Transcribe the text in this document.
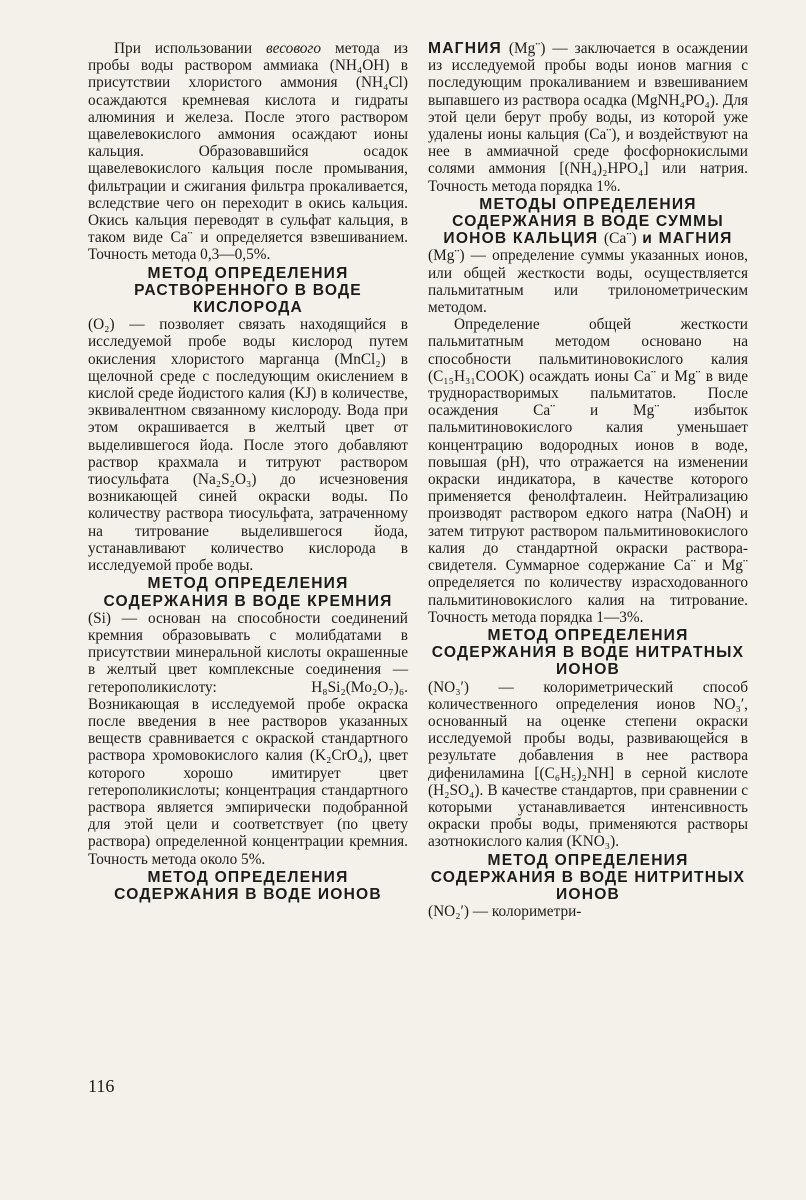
При использовании весового метода из пробы воды раствором аммиака (NH₄OH) в присутствии хлористого аммония (NH₄Cl) осаждаются кремневая кислота и гидраты алюминия и железа. После этого раствором щавелевокислого аммония осаждают ионы кальция. Образовавшийся осадок щавелевокислого кальция после промывания, фильтрации и сжигания фильтра прокаливается, вследствие чего он переходит в окись кальция. Окись кальция переводят в сульфат кальция, в таком виде Ca¨ и определяется взвешиванием. Точность метода 0,3—0,5%.

МЕТОД ОПРЕДЕЛЕНИЯ РАСТВОРЕННОГО В ВОДЕ КИСЛОРОДА

(O₂) — позволяет связать находящийся в исследуемой пробе воды кислород путем окисления хлористого марганца (MnCl₂) в щелочной среде с последующим окислением в кислой среде йодистого калия (KJ) в количестве, эквивалентном связанному кислороду. Вода при этом окрашивается в желтый цвет от выделившегося йода. После этого добавляют раствор крахмала и титруют раствором тиосульфата (Na₂S₂O₃) до исчезновения возникающей синей окраски воды. По количеству раствора тиосульфата, затраченному на титрование выделившегося йода, устанавливают количество кислорода в исследуемой пробе воды.

МЕТОД ОПРЕДЕЛЕНИЯ СОДЕРЖАНИЯ В ВОДЕ КРЕМНИЯ

(Si) — основан на способности соединений кремния образовывать с молибдатами в присутствии минеральной кислоты окрашенные в желтый цвет комплексные соединения — гетерополикислоту: H₈Si₂(Mo₂O₇)₆. Возникающая в исследуемой пробе окраска после введения в нее растворов указанных веществ сравнивается с окраской стандартного раствора хромовокислого калия (K₂CrO₄), цвет которого хорошо имитирует цвет гетерополикислоты; концентрация стандартного раствора является эмпирически подобранной для этой цели и соответствует (по цвету раствора) определенной концентрации кремния. Точность метода около 5%.

МЕТОД ОПРЕДЕЛЕНИЯ СОДЕРЖАНИЯ В ВОДЕ ИОНОВ

МАГНИЯ (Mg¨) — заключается в осаждении из исследуемой пробы воды ионов магния с последующим прокаливанием и взвешиванием выпавшего из раствора осадка (MgNH₄PO₄). Для этой цели берут пробу воды, из которой уже удалены ионы кальция (Ca¨), и воздействуют на нее в аммиачной среде фосфорнокислыми солями аммония [(NH₄)₂HPO₄] или натрия. Точность метода порядка 1%.

МЕТОДЫ ОПРЕДЕЛЕНИЯ СОДЕРЖАНИЯ В ВОДЕ СУММЫ ИОНОВ КАЛЬЦИЯ (Ca¨) и МАГНИЯ

(Mg¨) — определение суммы указанных ионов, или общей жесткости воды, осуществляется пальмитатным или трилонометрическим методом.

Определение общей жесткости пальмитатным методом основано на способности пальмитиновокислого калия (C₁₅H₃₁COOK) осаждать ионы Ca¨ и Mg¨ в виде труднорастворимых пальмитатов. После осаждения Ca¨ и Mg¨ избыток пальмитиновокислого калия уменьшает концентрацию водородных ионов в воде, повышая (pH), что отражается на изменении окраски индикатора, в качестве которого применяется фенолфталеин. Нейтрализацию производят раствором едкого натра (NaOH) и затем титруют раствором пальмитиновокислого калия до стандартной окраски раствора-свидетеля. Суммарное содержание Ca¨ и Mg¨ определяется по количеству израсходованного пальмитиновокислого калия на титрование. Точность метода порядка 1—3%.

МЕТОД ОПРЕДЕЛЕНИЯ СОДЕРЖАНИЯ В ВОДЕ НИТРАТНЫХ ИОНОВ

(NO₃′) — колориметрический способ количественного определения ионов NO₃′, основанный на оценке степени окраски исследуемой пробы воды, развивающейся в результате добавления в нее раствора дифениламина [(C₆H₅)₂NH] в серной кислоте (H₂SO₄). В качестве стандартов, при сравнении с которыми устанавливается интенсивность окраски пробы воды, применяются растворы азотнокислого калия (KNO₃).

МЕТОД ОПРЕДЕЛЕНИЯ СОДЕРЖАНИЯ В ВОДЕ НИТРИТНЫХ ИОНОВ

(NO₂′) — колориметри-

116
